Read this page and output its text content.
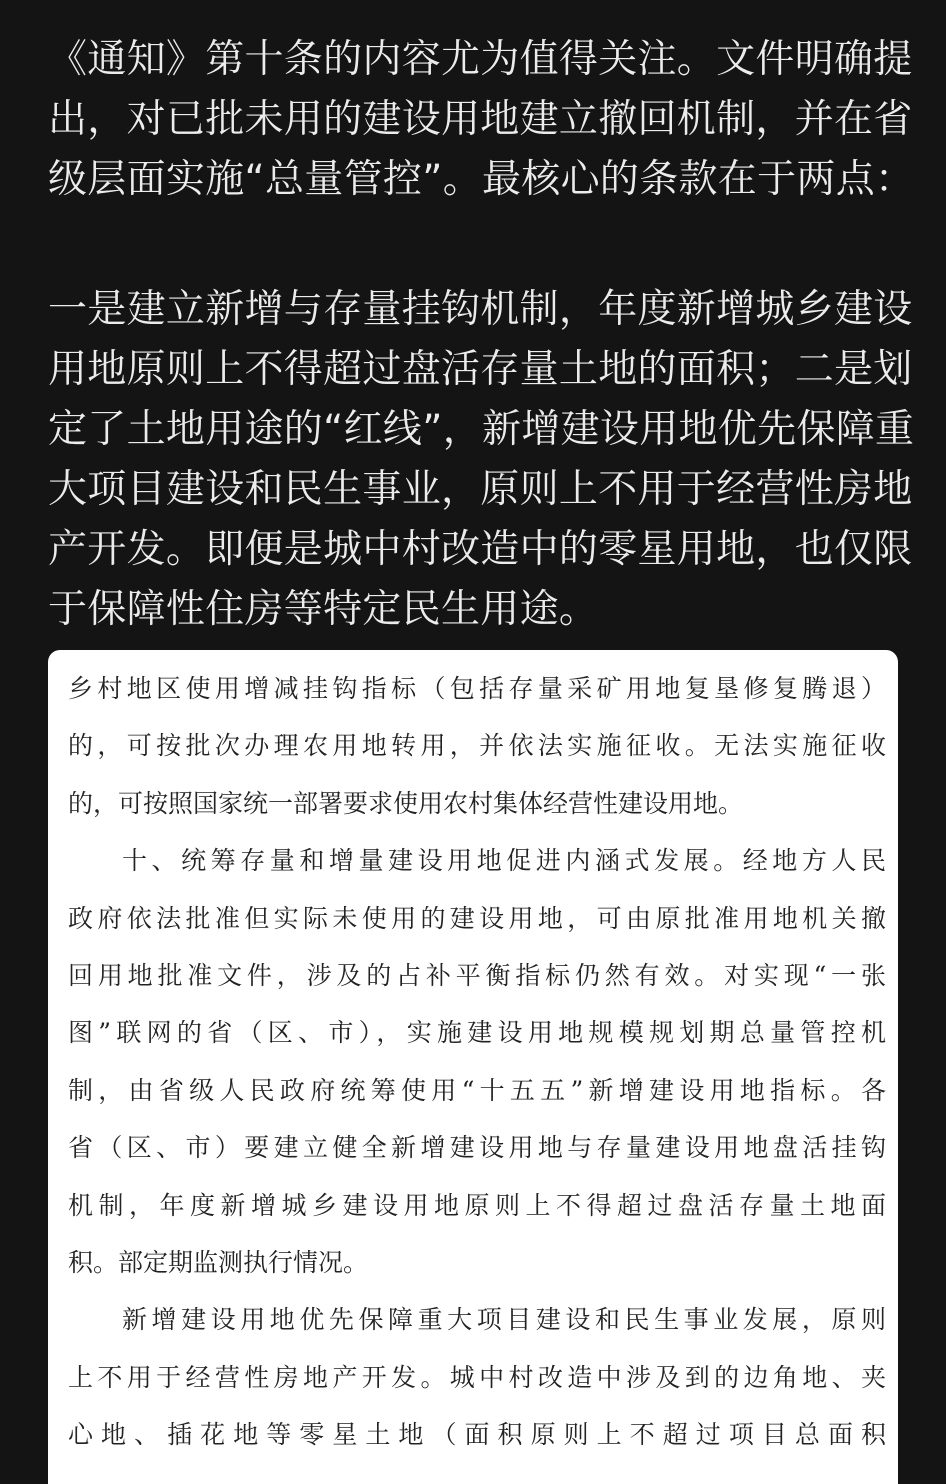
《通知》第十条的内容尤为值得关注。文件明确提
出，对已批未用的建设用地建立撤回机制，并在省
级层面实施“总量管控”。最核心的条款在于两点：
一是建立新增与存量挂钩机制，年度新增城乡建设
用地原则上不得超过盘活存量土地的面积；二是划
定了土地用途的“红线”，新增建设用地优先保障重
大项目建设和民生事业，原则上不用于经营性房地
产开发。即便是城中村改造中的零星用地，也仅限
于保障性住房等特定民生用途。
乡村地区使用增减挂钩指标（包括存量采矿用地复垦修复腾退）
的，可按批次办理农用地转用，并依法实施征收。无法实施征收
的，可按照国家统一部署要求使用农村集体经营性建设用地。
十、统筹存量和增量建设用地促进内涵式发展。经地方人民
政府依法批准但实际未使用的建设用地，可由原批准用地机关撤
回用地批准文件，涉及的占补平衡指标仍然有效。对实现“一张
图”联网的省（区、市），实施建设用地规模规划期总量管控机
制，由省级人民政府统筹使用“十五五”新增建设用地指标。各
省（区、市）要建立健全新增建设用地与存量建设用地盘活挂钩
机制，年度新增城乡建设用地原则上不得超过盘活存量土地面
积。部定期监测执行情况。
新增建设用地优先保障重大项目建设和民生事业发展，原则
上不用于经营性房地产开发。城中村改造中涉及到的边角地、夹
心地、插花地等零星土地（面积原则上不超过项目总面积
